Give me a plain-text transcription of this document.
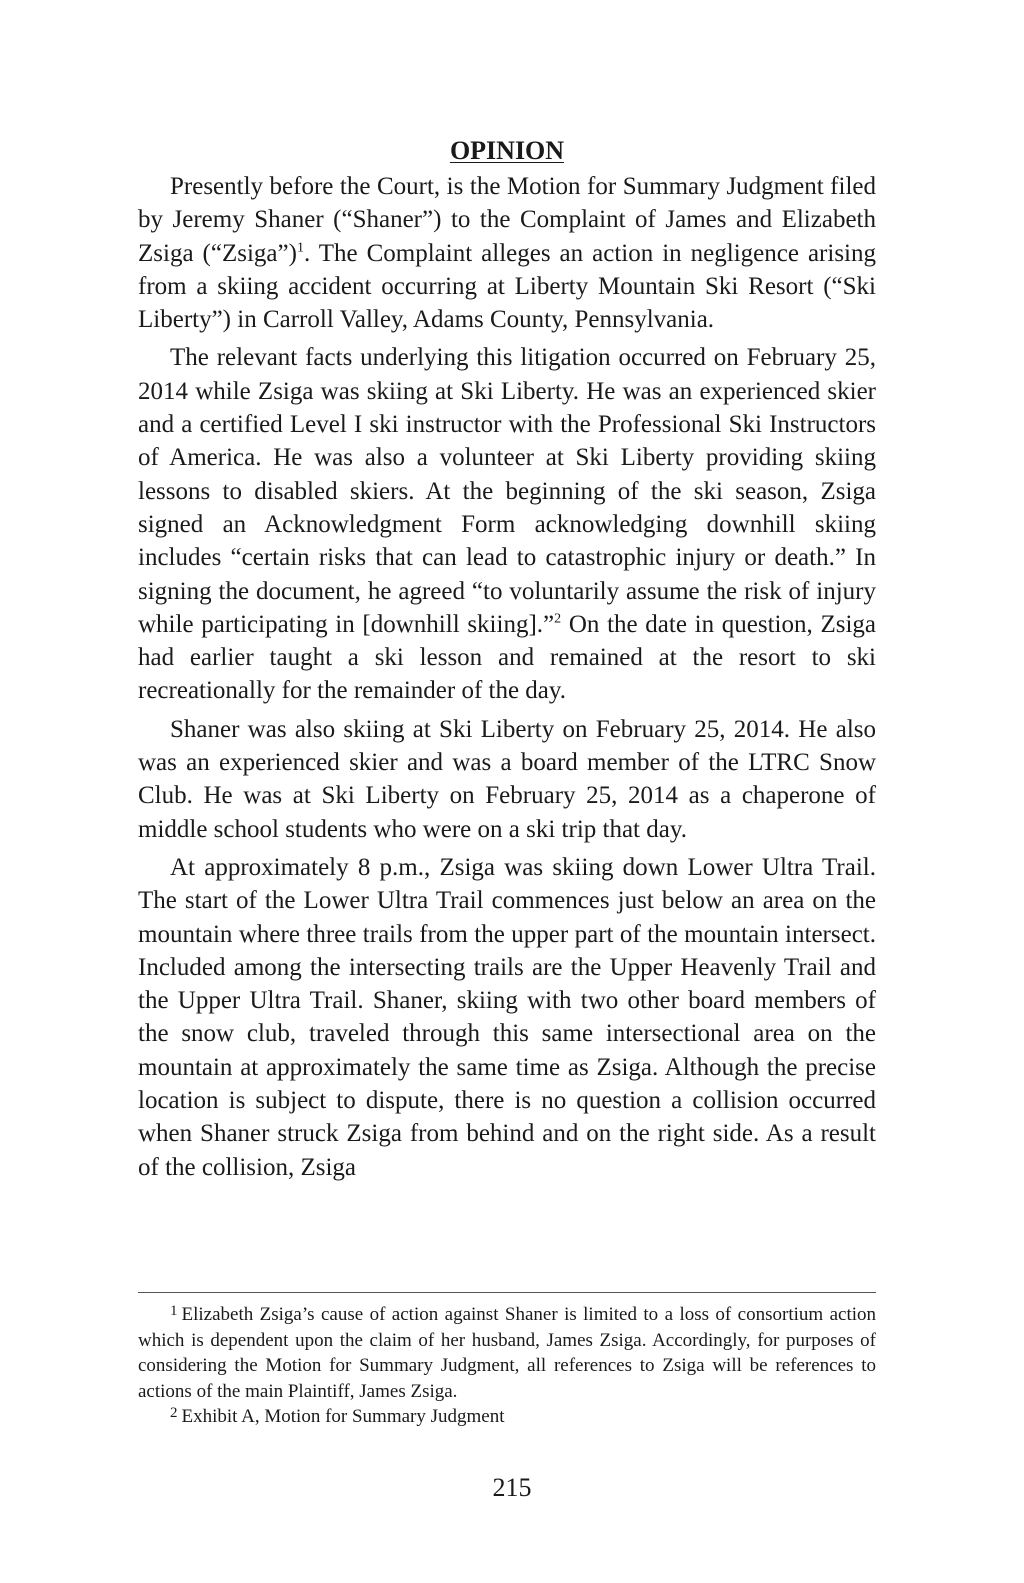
OPINION

Presently before the Court, is the Motion for Summary Judgment filed by Jeremy Shaner (“Shaner”) to the Complaint of James and Elizabeth Zsiga (“Zsiga”)$^1$. The Complaint alleges an action in negligence arising from a skiing accident occurring at Liberty Mountain Ski Resort (“Ski Liberty”) in Carroll Valley, Adams County, Pennsylvania.

The relevant facts underlying this litigation occurred on February 25, 2014 while Zsiga was skiing at Ski Liberty. He was an experienced skier and a certified Level I ski instructor with the Professional Ski Instructors of America. He was also a volunteer at Ski Liberty providing skiing lessons to disabled skiers. At the beginning of the ski season, Zsiga signed an Acknowledgment Form acknowledging downhill skiing includes “certain risks that can lead to catastrophic injury or death.” In signing the document, he agreed “to voluntarily assume the risk of injury while participating in [downhill skiing].”$^2$ On the date in question, Zsiga had earlier taught a ski lesson and remained at the resort to ski recreationally for the remainder of the day.

Shaner was also skiing at Ski Liberty on February 25, 2014. He also was an experienced skier and was a board member of the LTRC Snow Club. He was at Ski Liberty on February 25, 2014 as a chaperone of middle school students who were on a ski trip that day.

At approximately 8 p.m., Zsiga was skiing down Lower Ultra Trail. The start of the Lower Ultra Trail commences just below an area on the mountain where three trails from the upper part of the mountain intersect. Included among the intersecting trails are the Upper Heavenly Trail and the Upper Ultra Trail. Shaner, skiing with two other board members of the snow club, traveled through this same intersectional area on the mountain at approximately the same time as Zsiga. Although the precise location is subject to dispute, there is no question a collision occurred when Shaner struck Zsiga from behind and on the right side. As a result of the collision, Zsiga

$^1$ Elizabeth Zsiga’s cause of action against Shaner is limited to a loss of consortium action which is dependent upon the claim of her husband, James Zsiga. Accordingly, for purposes of considering the Motion for Summary Judgment, all references to Zsiga will be references to actions of the main Plaintiff, James Zsiga.

$^2$ Exhibit A, Motion for Summary Judgment

215
